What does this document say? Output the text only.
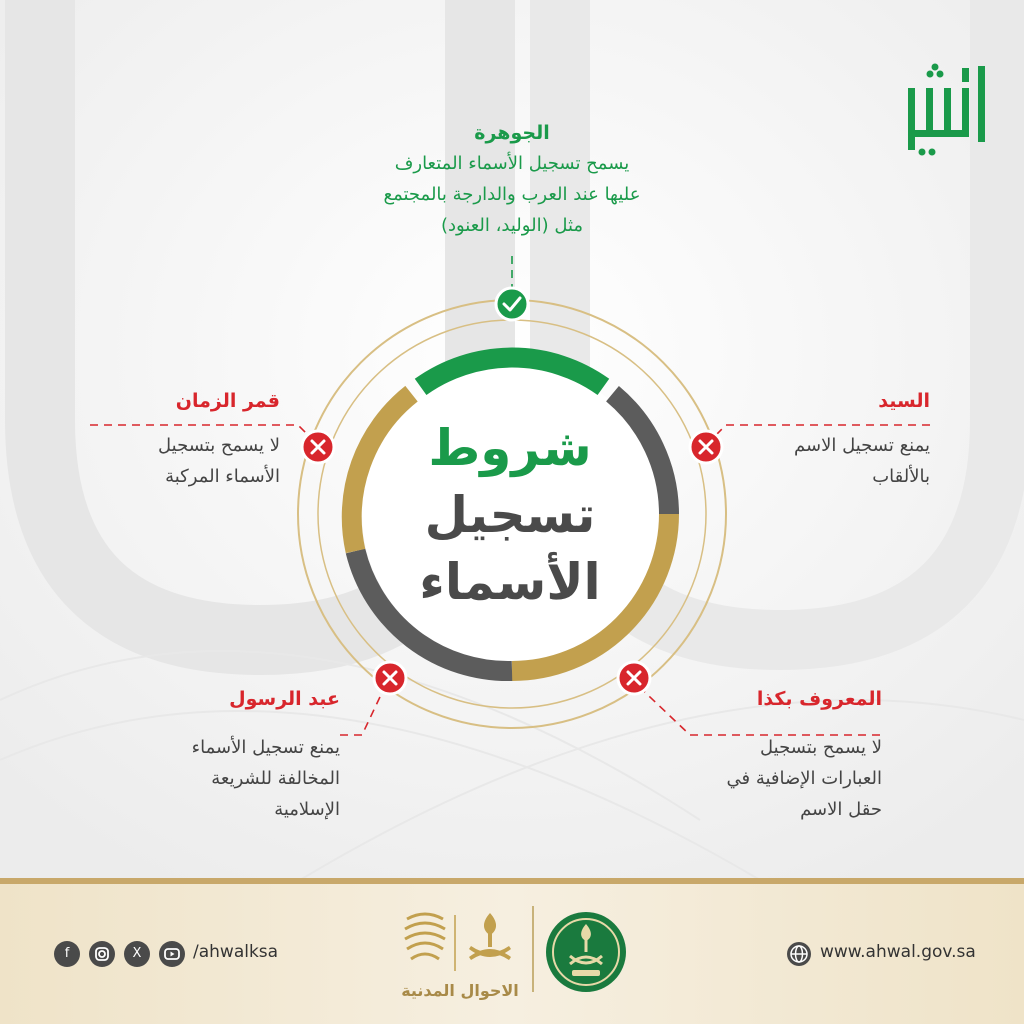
شروط
تسجيل
الأسماء
الجوهرة
يسمح تسجيل الأسماء المتعارف
عليها عند العرب والدارجة بالمجتمع
مثل (الوليد، العنود)
قمر الزمان
لا يسمح بتسجيل
الأسماء المركبة
السيد
يمنع تسجيل الاسم
بالألقاب
عبد الرسول
يمنع تسجيل الأسماء
المخالفة للشريعة
الإسلامية
المعروف بكذا
لا يسمح بتسجيل
العبارات الإضافية في
حقل الاسم
f	X	/ahwalksa
الاحوال المدنية
www.ahwal.gov.sa
